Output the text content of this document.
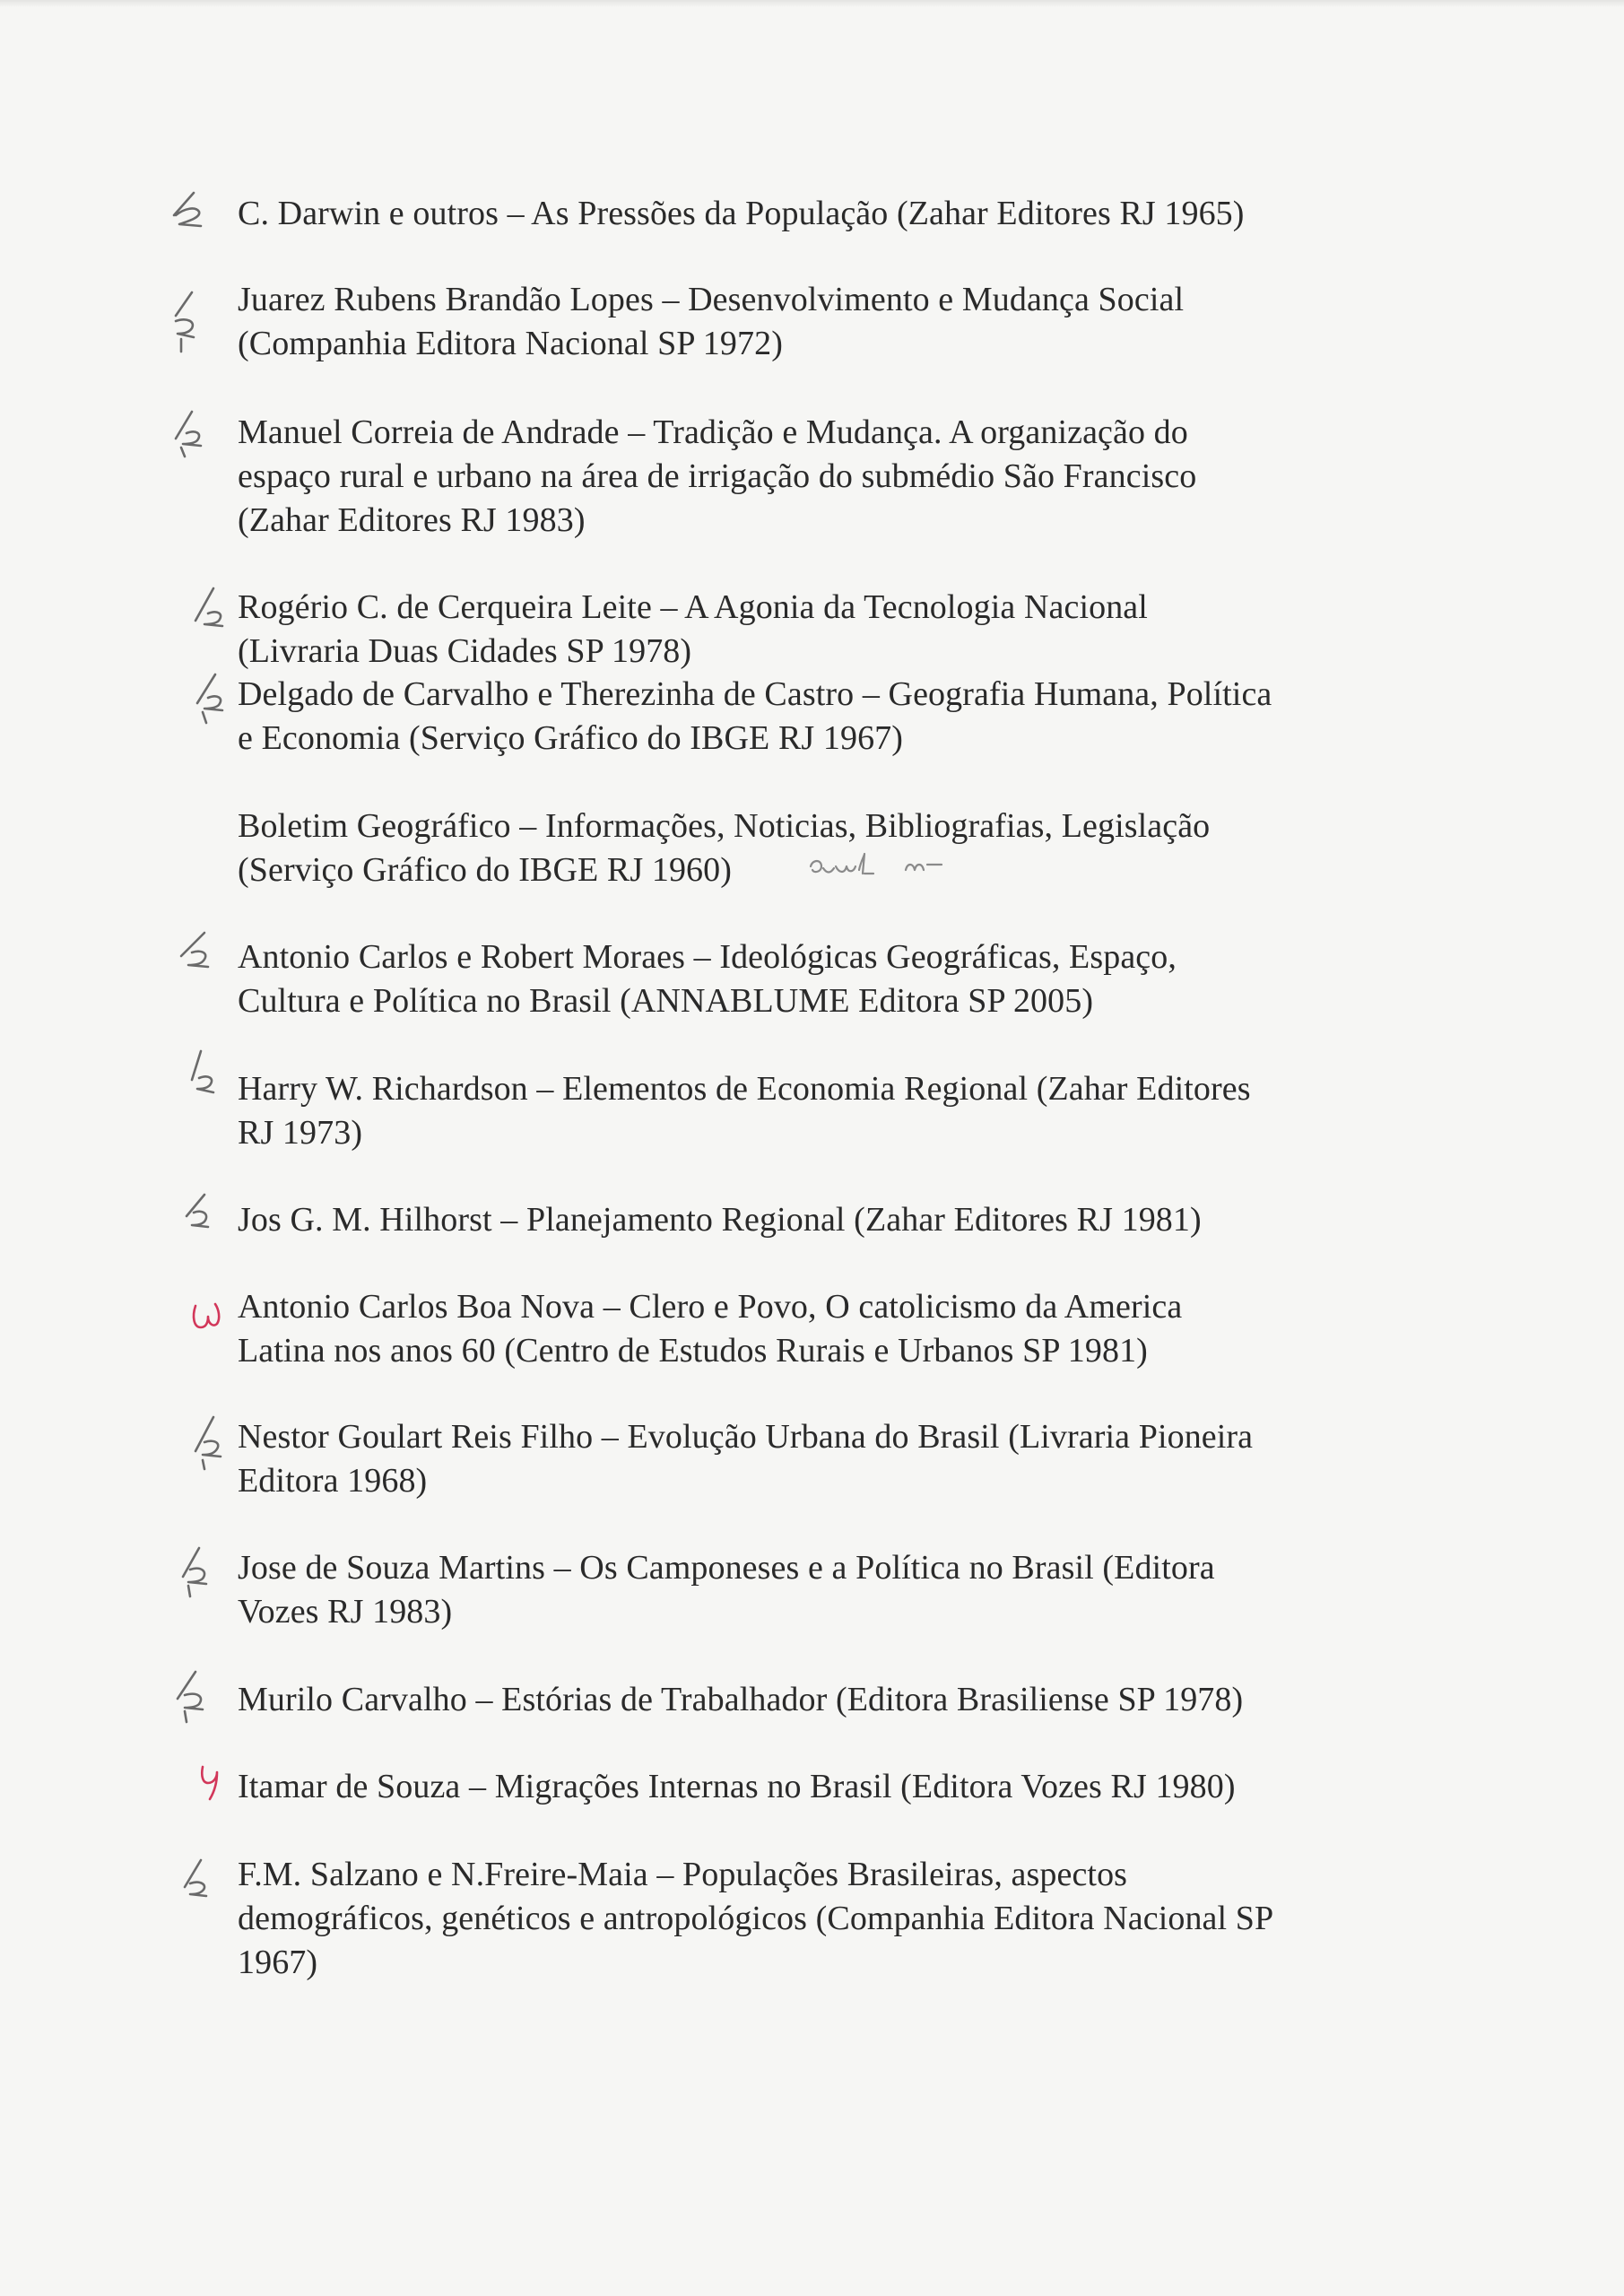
C. Darwin e outros – As Pressões da População (Zahar Editores RJ 1965)
Juarez Rubens Brandão Lopes – Desenvolvimento e Mudança Social
(Companhia Editora Nacional SP 1972)
Manuel Correia de Andrade – Tradição e Mudança. A organização do
espaço rural e urbano na área de irrigação do submédio São Francisco
(Zahar Editores RJ 1983)
Rogério C. de Cerqueira Leite – A Agonia da Tecnologia Nacional
(Livraria Duas Cidades SP 1978)
Delgado de Carvalho e Therezinha de Castro – Geografia Humana, Política
e Economia (Serviço Gráfico do IBGE RJ 1967)
Boletim Geográfico – Informações, Noticias, Bibliografias, Legislação
(Serviço Gráfico do IBGE RJ 1960)
Antonio Carlos e Robert Moraes – Ideológicas Geográficas, Espaço,
Cultura e Política no Brasil (ANNABLUME Editora SP 2005)
Harry W. Richardson – Elementos de Economia Regional (Zahar Editores
RJ 1973)
Jos G. M. Hilhorst – Planejamento Regional (Zahar Editores RJ 1981)
Antonio Carlos Boa Nova – Clero e Povo, O catolicismo da America
Latina nos anos 60 (Centro de Estudos Rurais e Urbanos SP 1981)
Nestor Goulart Reis Filho – Evolução Urbana do Brasil (Livraria Pioneira
Editora 1968)
Jose de Souza Martins – Os Camponeses e a Política no Brasil (Editora
Vozes RJ 1983)
Murilo Carvalho – Estórias de Trabalhador (Editora Brasiliense SP 1978)
Itamar de Souza – Migrações Internas no Brasil (Editora Vozes RJ 1980)
F.M. Salzano e N.Freire-Maia – Populações Brasileiras, aspectos
demográficos, genéticos e antropológicos (Companhia Editora Nacional SP
1967)
